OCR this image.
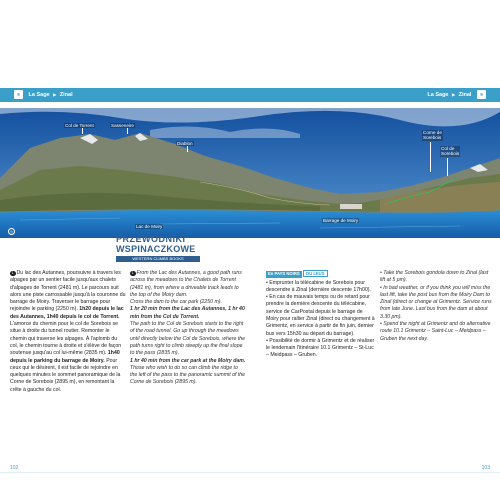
9 La Sage ▶ Zinal	La Sage ▶ Zinal 9
Col de Torrent	Sasseneire
Diablon
Corne de
Sorebois
Col de
Sorebois
Lac de Moiry
Barrage de Moiry
9
PRZEWODNIKI
WSPINACZKOWE
WESTERN CLIMBS BOOKS

1 Du lac des Autannes, poursuivre à travers les alpages par un sentier facile jusqu'aux chalets d'alpages de Torrent (2481 m). Le parcours suit alors une piste carrossable jusqu'à la couronne du barrage de Moiry. Traverser le barrage pour rejoindre le parking (2250 m). 1h20 depuis le lac des Autannes, 1h40 depuis le col de Torrent.

L'amorce du chemin pour le col de Sorebois se situe à droite du tunnel routier. Remonter le chemin qui traverse les alpages. À l'aplomb du col, le chemin tourne à droite et s'élève de façon soutenue jusqu'au col lui-même (2835 m). 1h40 depuis le parking du barrage de Moiry. Pour ceux qui le désirent, il est facile de rejoindre en quelques minutes le sommet panoramique de la Corne de Sorebois (2895 m), en remontant la crête à gauche du col.

1 From the Lac des Autannes, a good path runs across the meadows to the Chalets de Torrent (2481 m), from where a driveable track leads to the top of the Moiry dam.

Cross the dam to the car park (2250 m).

1 hr 20 min from the Lac des Autannes, 1 hr 40 min from the Col de Torrent.

The path to the Col de Sorebois starts to the right of the road tunnel. Go up through the meadows until directly below the Col de Sorebois, where the path turns right to climb steeply up the final slope to the pass (2835 m).

1 hr 40 min from the car park at the Moiry dam. Those who wish to do so can climb the ridge to the left of the pass to the panoramic summit of the Corne de Sorebois (2895 m).

En PAYS NOIRS DU LEUS

• Emprunter la télécabine de Sorebois pour descendre à Zinal (dernière descente 17h00).

• En cas de mauvais temps ou de retard pour prendre la dernière descente du télécabine, service de CarPostal depuis le barrage de Moiry pour rallier Zinal (direct ou changement à Grimentz, en service à partir de fin juin, dernier bus vers 15h30 au départ du barrage).

• Possibilité de dormir à Grimentz et de réaliser le lendemain l'itinéraire 10.1 Grimentz – St-Luc – Meidpass – Gruben.

• Take the Sorebois gondola down to Zinal (last lift at 5 pm).

• In bad weather, or if you think you will miss the last lift, take the post bus from the Moiry Dam to Zinal (direct or change at Grimentz. Service runs from late June. Last bus from the dam at about 3.30 pm).

• Spend the night at Grimentz and do alternative route 10.1 Grimentz – Saint-Luc – Meidpass – Gruben the next day.

102	103
